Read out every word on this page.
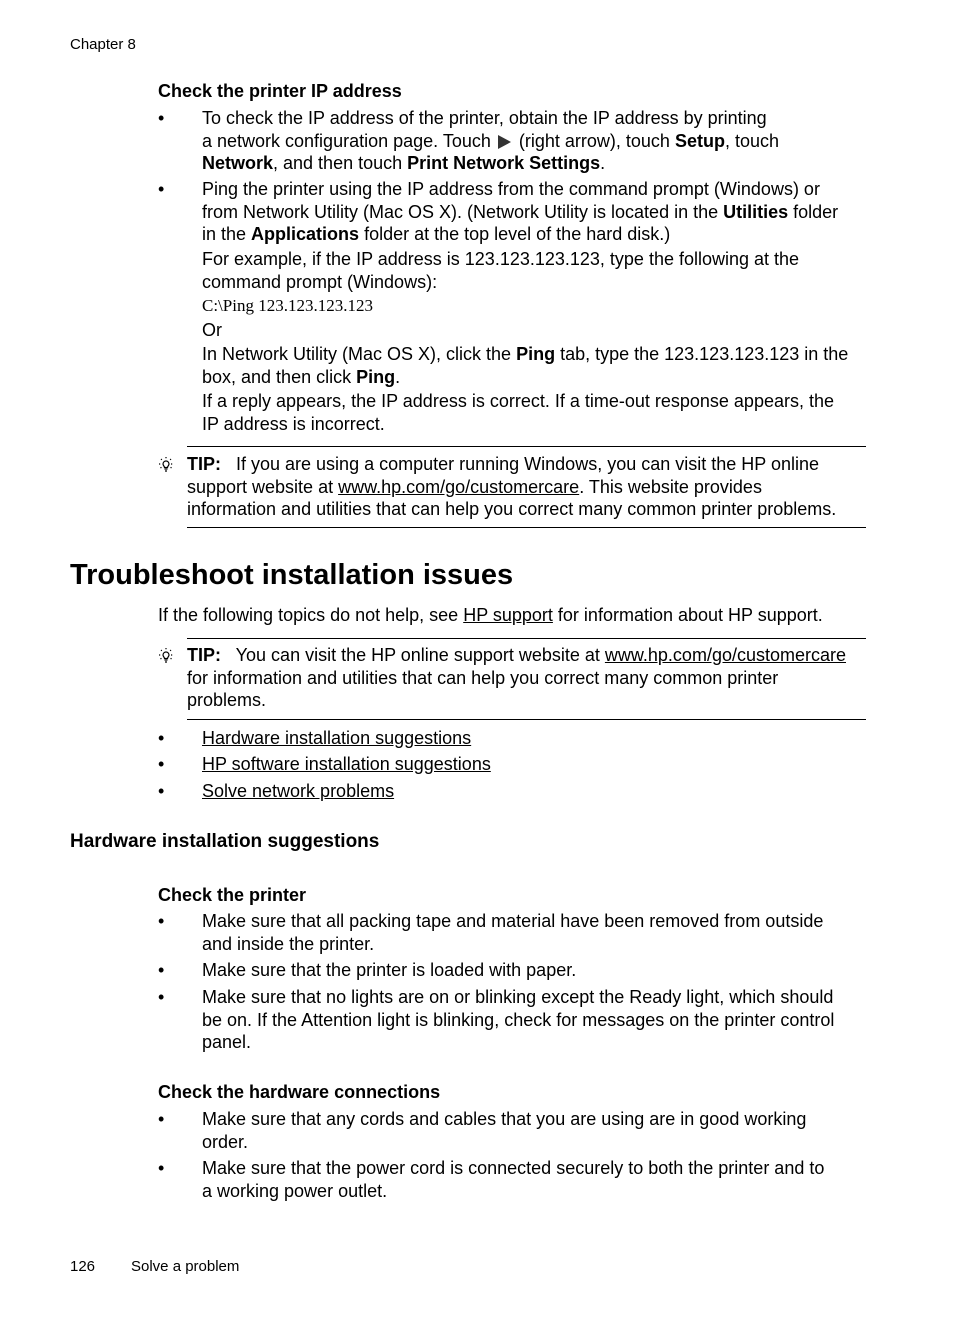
Chapter 8
Check the printer IP address
• To check the IP address of the printer, obtain the IP address by printing
a network configuration page. Touch  (right arrow), touch Setup, touch
Network, and then touch Print Network Settings.
• Ping the printer using the IP address from the command prompt (Windows) or
from Network Utility (Mac OS X). (Network Utility is located in the Utilities folder
in the Applications folder at the top level of the hard disk.)
For example, if the IP address is 123.123.123.123, type the following at the
command prompt (Windows):
C:\Ping 123.123.123.123
Or
In Network Utility (Mac OS X), click the Ping tab, type the 123.123.123.123 in the
box, and then click Ping.
If a reply appears, the IP address is correct. If a time-out response appears, the
IP address is incorrect.
TIP:   If you are using a computer running Windows, you can visit the HP online
support website at www.hp.com/go/customercare. This website provides
information and utilities that can help you correct many common printer problems.
Troubleshoot installation issues
If the following topics do not help, see HP support for information about HP support.
TIP:   You can visit the HP online support website at www.hp.com/go/customercare
for information and utilities that can help you correct many common printer
problems.
• Hardware installation suggestions
• HP software installation suggestions
• Solve network problems
Hardware installation suggestions
Check the printer
• Make sure that all packing tape and material have been removed from outside
and inside the printer.
• Make sure that the printer is loaded with paper.
• Make sure that no lights are on or blinking except the Ready light, which should
be on. If the Attention light is blinking, check for messages on the printer control
panel.
Check the hardware connections
• Make sure that any cords and cables that you are using are in good working
order.
• Make sure that the power cord is connected securely to both the printer and to
a working power outlet.
126 Solve a problem
